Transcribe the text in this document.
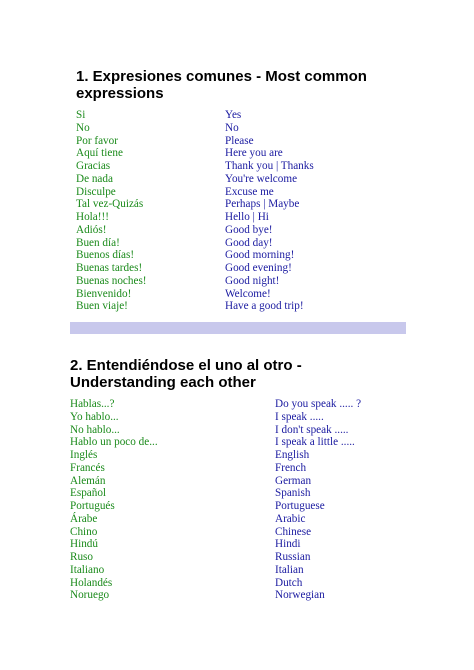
1. Expresiones comunes - Most common expressions
Si
No
Por favor
Aquí tiene
Gracias
De nada
Disculpe
Tal vez-Quizás
Hola!!!
Adiós!
Buen día!
Buenos días!
Buenas tardes!
Buenas noches!
Bienvenido!
Buen viaje!
Yes
No
Please
Here you are
Thank you | Thanks
You're welcome
Excuse me
Perhaps | Maybe
Hello | Hi
Good bye!
Good day!
Good morning!
Good evening!
Good night!
Welcome!
Have a good trip!
2. Entendiéndose el uno al otro - Understanding each other
Hablas...?
Yo hablo...
No hablo...
Hablo un poco de...
Inglés
Francés
Alemán
Español
Portugués
Árabe
Chino
Hindú
Ruso
Italiano
Holandés
Noruego
Do you speak ..... ?
I speak .....
I don't speak .....
I speak a little .....
English
French
German
Spanish
Portuguese
Arabic
Chinese
Hindi
Russian
Italian
Dutch
Norwegian
